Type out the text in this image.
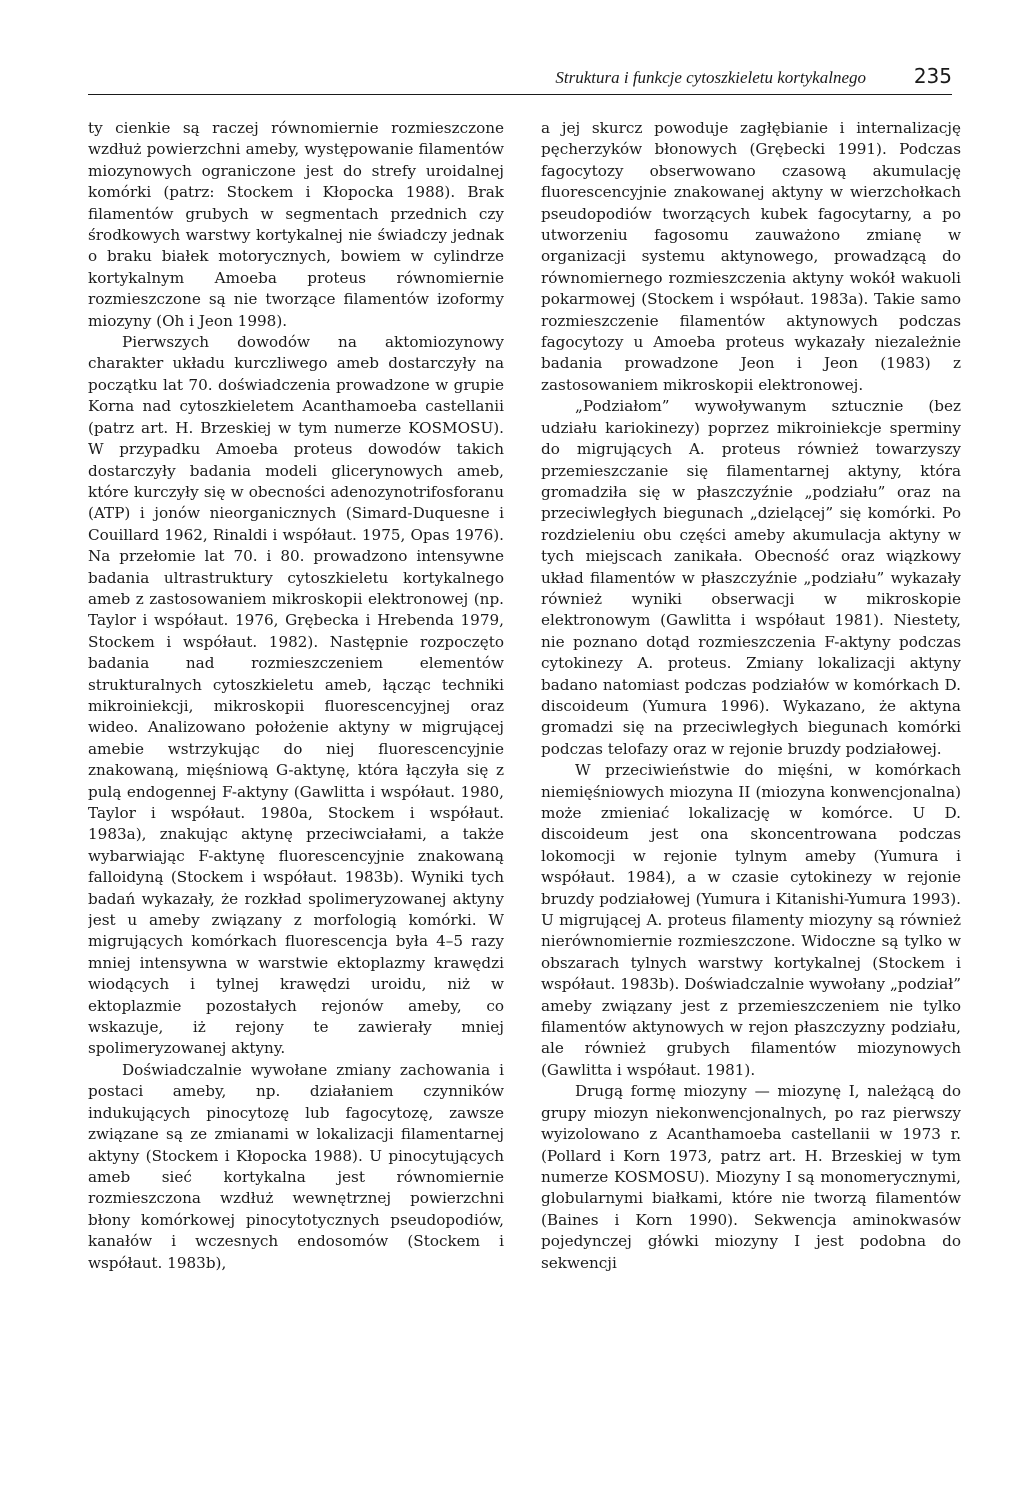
Struktura i funkcje cytoszkieletu kortykalnego 235

ty cienkie są raczej równomiernie rozmieszczone wzdłuż powierzchni ameby, występowanie filamentów miozynowych ograniczone jest do strefy uroidalnej komórki (patrz: Stockem i Kłopocka 1988). Brak filamentów grubych w segmentach przednich czy środkowych warstwy kortykalnej nie świadczy jednak o braku białek motorycznych, bowiem w cylindrze kortykalnym Amoeba proteus równomiernie rozmieszczone są nie tworzące filamentów izoformy miozyny (Oh i Jeon 1998).

Pierwszych dowodów na aktomiozynowy charakter układu kurczliwego ameb dostarczyły na początku lat 70. doświadczenia prowadzone w grupie Korna nad cytoszkieletem Acanthamoeba castellanii (patrz art. H. Brzeskiej w tym numerze KOSMOSU). W przypadku Amoeba proteus dowodów takich dostarczyły badania modeli glicerynowych ameb, które kurczyły się w obecności adenozynotrifosforanu (ATP) i jonów nieorganicznych (Simard-Duquesne i Couillard 1962, Rinaldi i współaut. 1975, Opas 1976). Na przełomie lat 70. i 80. prowadzono intensywne badania ultrastruktury cytoszkieletu kortykalnego ameb z zastosowaniem mikroskopii elektronowej (np. Taylor i współaut. 1976, Grębecka i Hrebenda 1979, Stockem i współaut. 1982). Następnie rozpoczęto badania nad rozmieszczeniem elementów strukturalnych cytoszkieletu ameb, łącząc techniki mikroiniekcji, mikroskopii fluorescencyjnej oraz wideo. Analizowano położenie aktyny w migrującej amebie wstrzykując do niej fluorescencyjnie znakowaną, mięśniową G-aktynę, która łączyła się z pulą endogennej F-aktyny (Gawlitta i współaut. 1980, Taylor i współaut. 1980a, Stockem i współaut. 1983a), znakując aktynę przeciwciałami, a także wybarwiając F-aktynę fluorescencyjnie znakowaną falloidyną (Stockem i współaut. 1983b). Wyniki tych badań wykazały, że rozkład spolimeryzowanej aktyny jest u ameby związany z morfologią komórki. W migrujących komórkach fluorescencja była 4–5 razy mniej intensywna w warstwie ektoplazmy krawędzi wiodących i tylnej krawędzi uroidu, niż w ektoplazmie pozostałych rejonów ameby, co wskazuje, iż rejony te zawierały mniej spolimeryzowanej aktyny.

Doświadczalnie wywołane zmiany zachowania i postaci ameby, np. działaniem czynników indukujących pinocytozę lub fagocytozę, zawsze związane są ze zmianami w lokalizacji filamentarnej aktyny (Stockem i Kłopocka 1988). U pinocytujących ameb sieć kortykalna jest równomiernie rozmieszczona wzdłuż wewnętrznej powierzchni błony komórkowej pinocytotycznych pseudopodiów, kanałów i wczesnych endosomów (Stockem i współaut. 1983b),

a jej skurcz powoduje zagłębianie i internalizację pęcherzyków błonowych (Grębecki 1991). Podczas fagocytozy obserwowano czasową akumulację fluorescencyjnie znakowanej aktyny w wierzchołkach pseudopodiów tworzących kubek fagocytarny, a po utworzeniu fagosomu zauważono zmianę w organizacji systemu aktynowego, prowadzącą do równomiernego rozmieszczenia aktyny wokół wakuoli pokarmowej (Stockem i współaut. 1983a). Takie samo rozmieszczenie filamentów aktynowych podczas fagocytozy u Amoeba proteus wykazały niezależnie badania prowadzone Jeon i Jeon (1983) z zastosowaniem mikroskopii elektronowej.

„Podziałom” wywoływanym sztucznie (bez udziału kariokinezy) poprzez mikroiniekcje sperminy do migrujących A. proteus również towarzyszy przemieszczanie się filamentarnej aktyny, która gromadziła się w płaszczyźnie „podziału” oraz na przeciwległych biegunach „dzielącej” się komórki. Po rozdzieleniu obu części ameby akumulacja aktyny w tych miejscach zanikała. Obecność oraz wiązkowy układ filamentów w płaszczyźnie „podziału” wykazały również wyniki obserwacji w mikroskopie elektronowym (Gawlitta i współaut 1981). Niestety, nie poznano dotąd rozmieszczenia F-aktyny podczas cytokinezy A. proteus. Zmiany lokalizacji aktyny badano natomiast podczas podziałów w komórkach D. discoideum (Yumura 1996). Wykazano, że aktyna gromadzi się na przeciwległych biegunach komórki podczas telofazy oraz w rejonie bruzdy podziałowej.

W przeciwieństwie do mięśni, w komórkach niemięśniowych miozyna II (miozyna konwencjonalna) może zmieniać lokalizację w komórce. U D. discoideum jest ona skoncentrowana podczas lokomocji w rejonie tylnym ameby (Yumura i współaut. 1984), a w czasie cytokinezy w rejonie bruzdy podziałowej (Yumura i Kitanishi-Yumura 1993). U migrującej A. proteus filamenty miozyny są również nierównomiernie rozmieszczone. Widoczne są tylko w obszarach tylnych warstwy kortykalnej (Stockem i współaut. 1983b). Doświadczalnie wywołany „podział” ameby związany jest z przemieszczeniem nie tylko filamentów aktynowych w rejon płaszczyzny podziału, ale również grubych filamentów miozynowych (Gawlitta i współaut. 1981).

Drugą formę miozyny — miozynę I, należącą do grupy miozyn niekonwencjonalnych, po raz pierwszy wyizolowano z Acanthamoeba castellanii w 1973 r. (Pollard i Korn 1973, patrz art. H. Brzeskiej w tym numerze KOSMOSU). Miozyny I są monomerycznymi, globularnymi białkami, które nie tworzą filamentów (Baines i Korn 1990). Sekwencja aminokwasów pojedynczej główki miozyny I jest podobna do sekwencji
